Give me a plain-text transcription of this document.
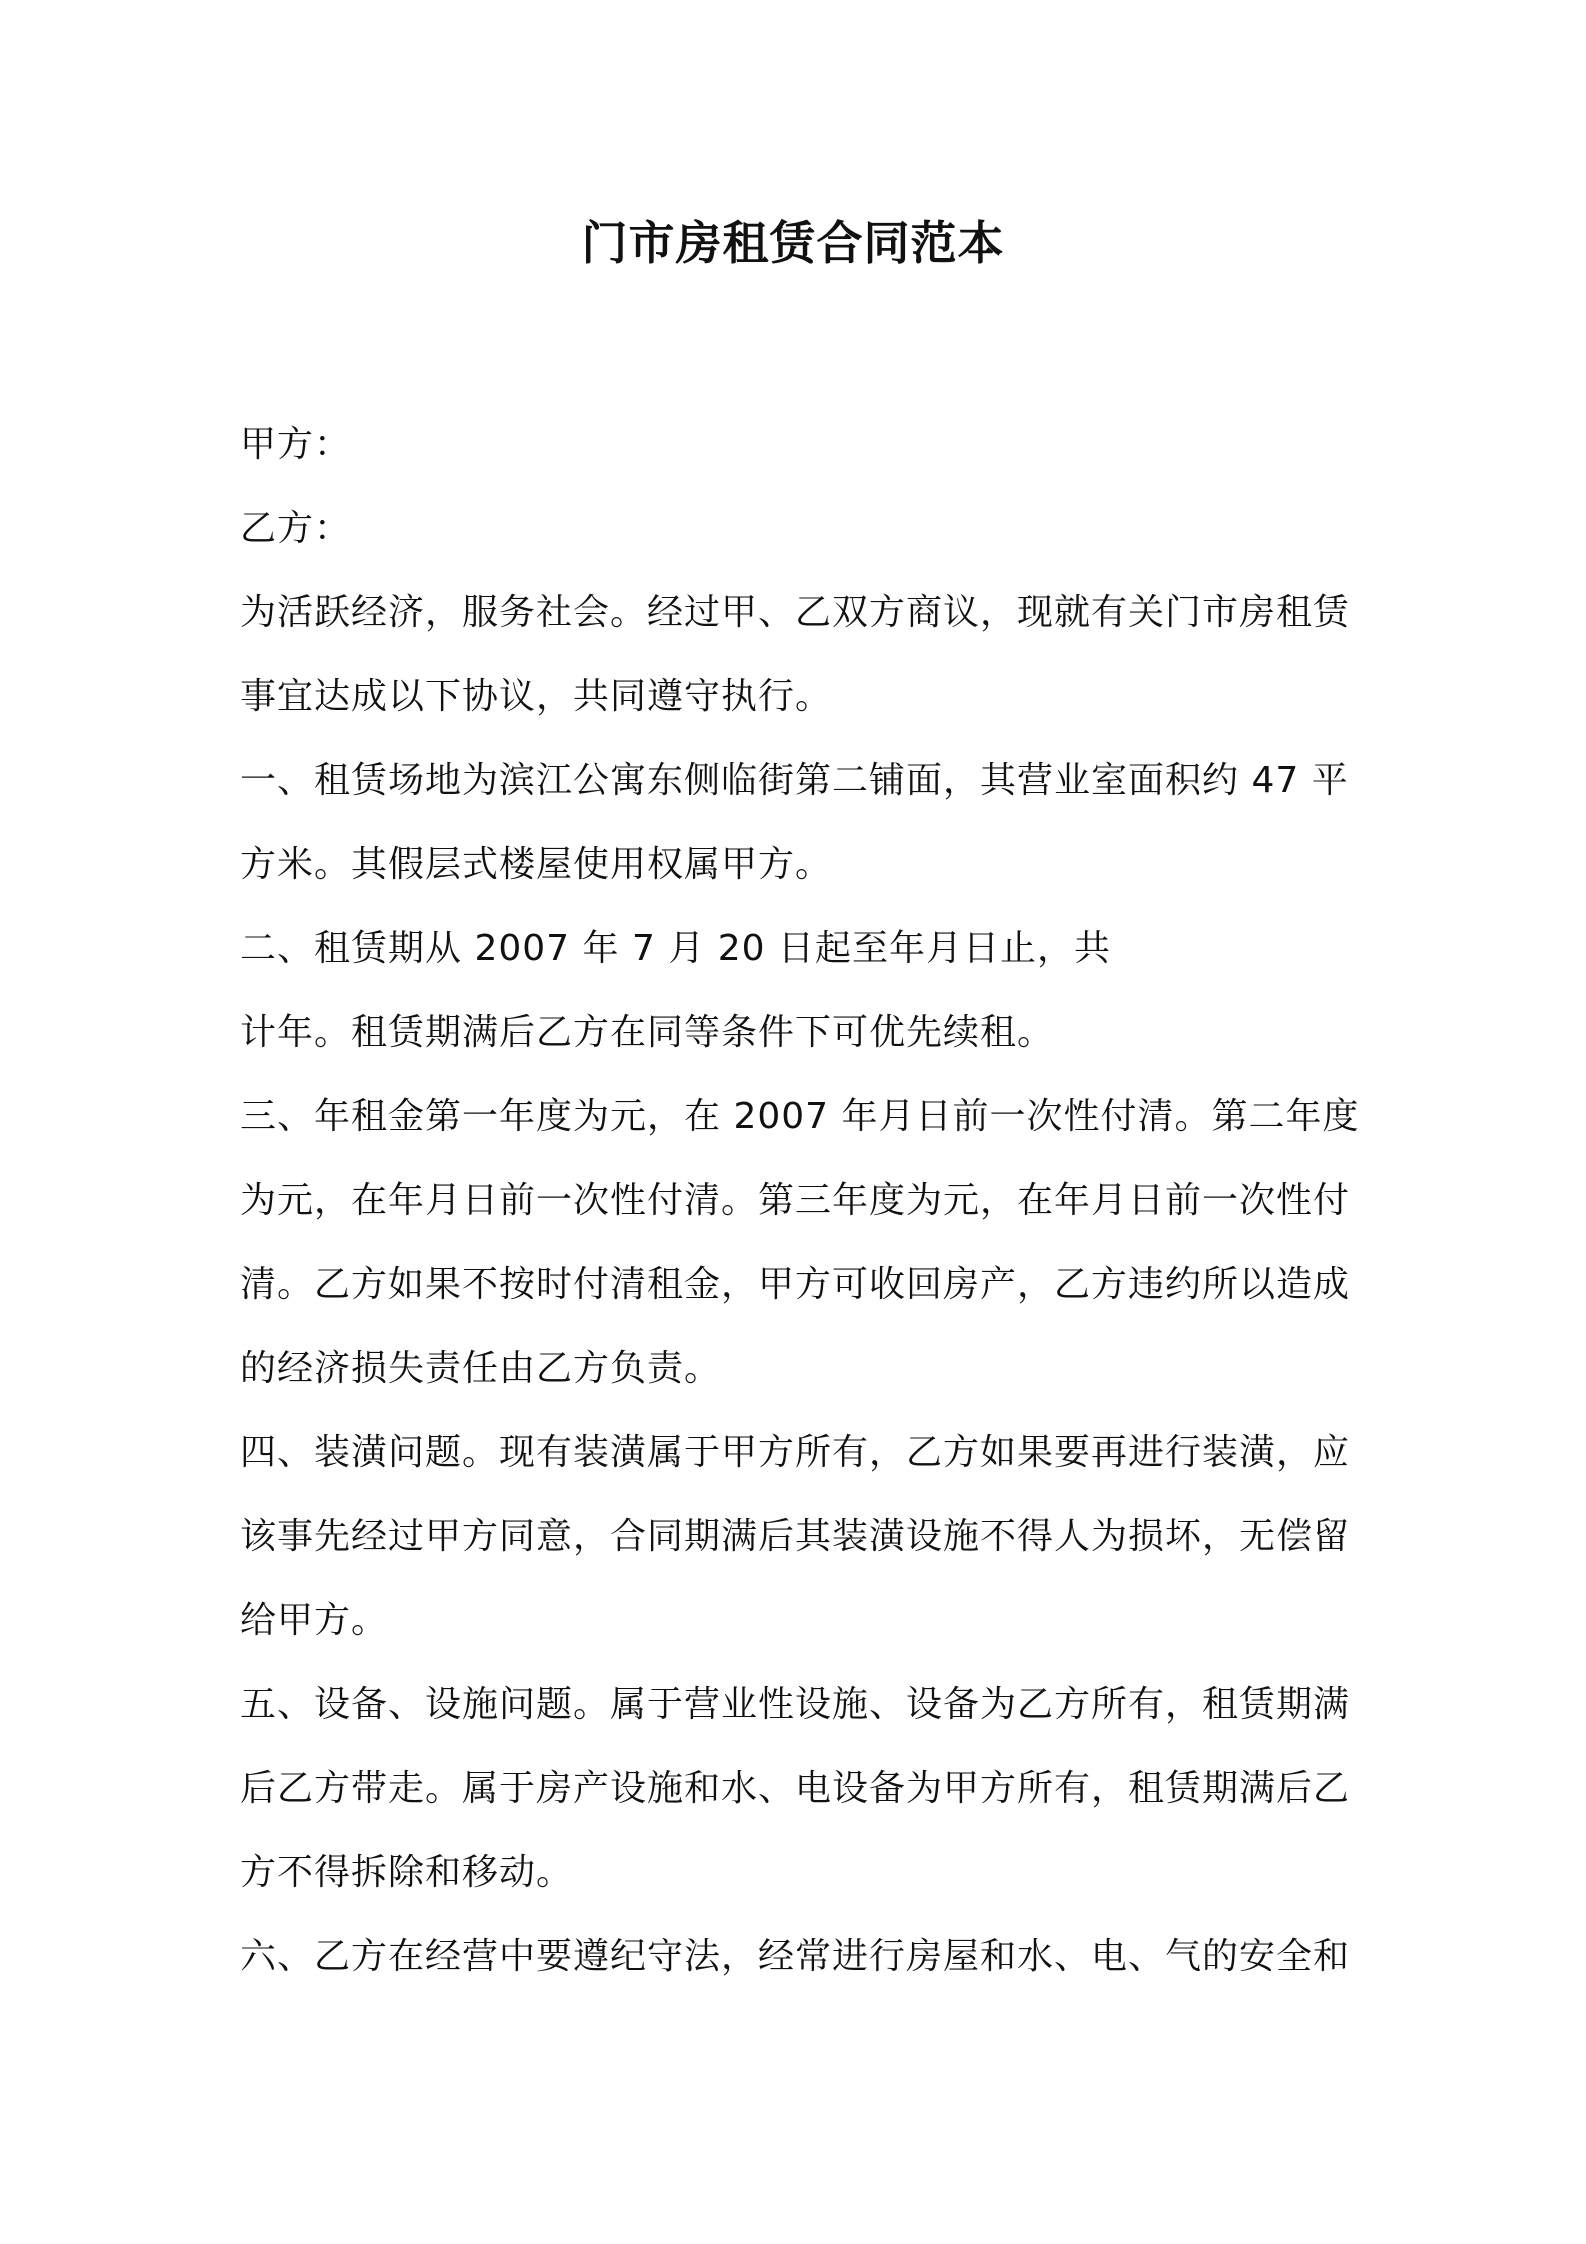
门市房租赁合同范本
甲方：
乙方：
为活跃经济，服务社会。经过甲、乙双方商议，现就有关门市房租赁
事宜达成以下协议，共同遵守执行。
一、租赁场地为滨江公寓东侧临街第二铺面，其营业室面积约 47 平
方米。其假层式楼屋使用权属甲方。
二、租赁期从 2007 年 7 月 20 日起至年月日止，共
计年。租赁期满后乙方在同等条件下可优先续租。
三、年租金第一年度为元，在 2007 年月日前一次性付清。第二年度
为元，在年月日前一次性付清。第三年度为元，在年月日前一次性付
清。乙方如果不按时付清租金，甲方可收回房产，乙方违约所以造成
的经济损失责任由乙方负责。
四、装潢问题。现有装潢属于甲方所有，乙方如果要再进行装潢，应
该事先经过甲方同意，合同期满后其装潢设施不得人为损坏，无偿留
给甲方。
五、设备、设施问题。属于营业性设施、设备为乙方所有，租赁期满
后乙方带走。属于房产设施和水、电设备为甲方所有，租赁期满后乙
方不得拆除和移动。
六、乙方在经营中要遵纪守法，经常进行房屋和水、电、气的安全和
